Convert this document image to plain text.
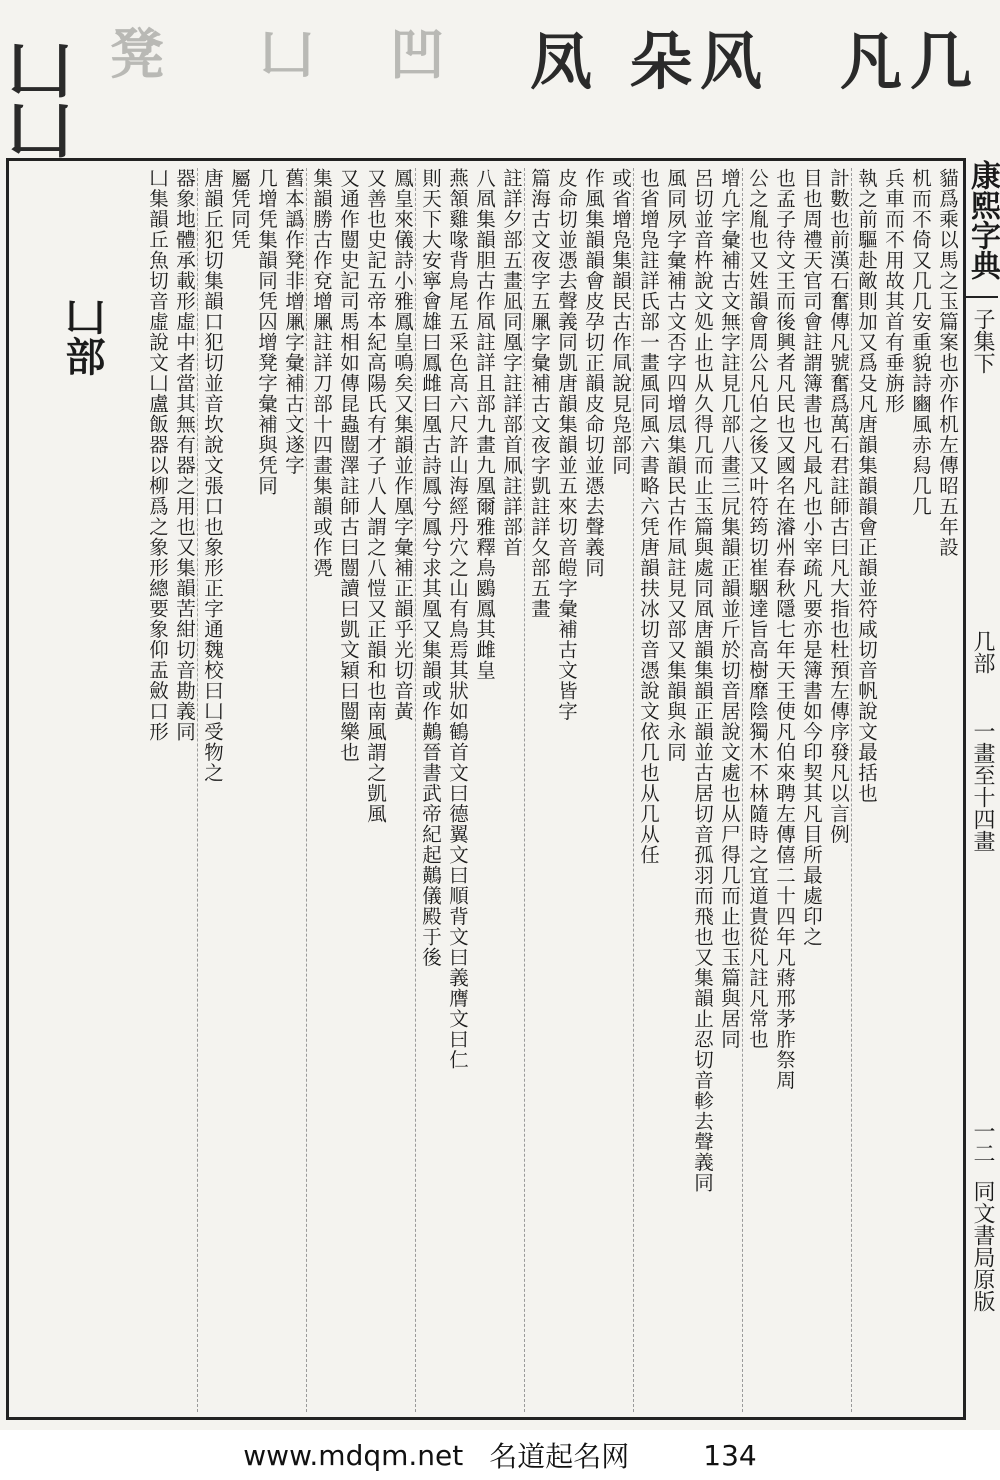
凵
凵
凳 凵 凹 凤 朵 风 凡 几
康熙字典
子集下
几部
一畫至十四畫
一二
同文書局原版
貓爲乘以馬之玉篇案也亦作机左傳昭五年設
机而不倚又几几安重貌詩豳風赤舄几几
兵車而不用故其首有垂旃形
執之前驅赴敵則加又爲殳凡唐韻集韻韻會正韻並符咸切音帆說文最括也
計數也前漢石奮傳凡號奮爲萬石君註師古曰凡大指也杜預左傳序發凡以言例
目也周禮天官司會註謂簿書也凡最凡也小宰疏凡要亦是簿書如今印契其凡目所最處印之
也孟子待文王而後興者凡民也又國名在濬州春秋隱七年天王使凡伯來聘左傳僖二十四年凡蔣邢茅胙祭周
公之胤也又姓韻會周公凡伯之後又叶符筠切崔駰達旨高樹靡陰獨木不林隨時之宜道貴從凡註凡常也
增凢字彙補古文無字註見几部八畫三凥集韻正韻並斤於切音居說文處也从尸得几而止也玉篇與居同
呂切並音杵說文処止也从久得几而止玉篇與處同凮唐韻集韻正韻並古居切音孤羽而飛也又集韻止忍切音軫去聲義同
風同夙字彙補古文否字四增凨集韻民古作凬註見又部又集韻與永同
也省增凫註詳氏部一畫風同風六書略六凭唐韻扶冰切音憑說文依几也从几从任
或省增凫集韻民古作凬說見凫部同
作風集韻韻會皮孕切正韻皮命切並憑去聲義同
皮命切並憑去聲義同凱唐韻集韻並五來切音皚字彙補古文皆字
篇海古文夜字五凲字彙補古文夜字凱註詳夂部五畫
註詳夕部五畫凪同凰字註詳部首凧註詳部首
八凮集韻胆古作凮註詳且部九畫九凰爾雅釋鳥鶠鳳其雌皇
燕頷雞喙背鳥尾五采色高六尺許山海經丹穴之山有鳥焉其狀如鶴首文曰德翼文曰順背文曰義膺文曰仁
則天下大安寧會雄曰鳳雌曰凰古詩鳳兮鳳兮求其凰又集韻或作鷬晉書武帝紀起鷬儀殿于後
鳳皇來儀詩小雅鳳皇鳴矣又集韻並作凰字彙補正韻乎光切音黃
又善也史記五帝本紀高陽氏有才子八人謂之八愷又正韻和也南風謂之凱風
又通作闓史記司馬相如傳昆蟲闓澤註師古曰闓讀曰凱文穎曰闓樂也
集韻勝古作兗增凲註詳刀部十四畫集韻或作凴
舊本譌作凳非增凲字彙補古文遂字
几增凭集韻同凭囚增凳字彙補與凭同
屬凭同凭
唐韻丘犯切集韻口犯切並音坎說文張口也象形正字通魏校曰凵受物之
器象地體承載形虛中者當其無有器之用也又集韻苦紺切音勘義同
凵集韻丘魚切音虛說文凵盧飯器以柳爲之象形總要象仰盂斂口形
凵部
www.mdqm.net 名道起名网	134
